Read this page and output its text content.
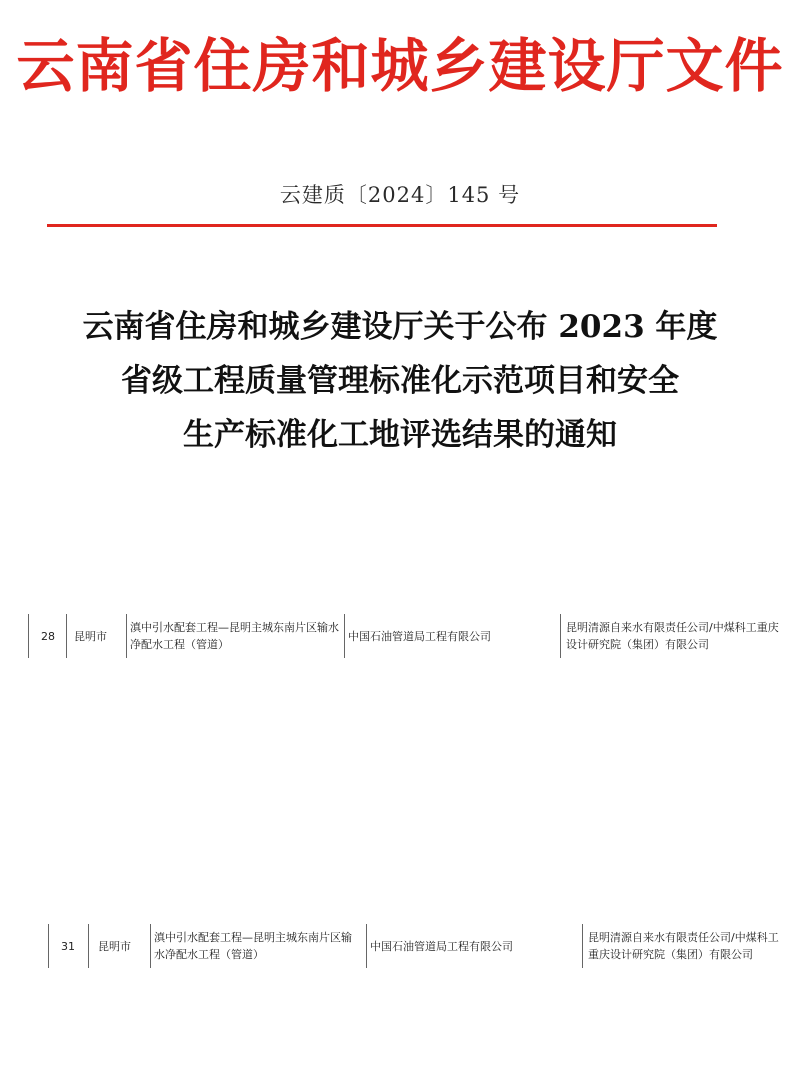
云南省住房和城乡建设厅文件
云建质〔2024〕145 号
云南省住房和城乡建设厅关于公布 2023 年度
省级工程质量管理标准化示范项目和安全
生产标准化工地评选结果的通知
28	昆明市
滇中引水配套工程—昆明主城东南片区输水净配水工程（管道）
中国石油管道局工程有限公司
昆明清源自来水有限责任公司/中煤科工重庆设计研究院（集团）有限公司
31	昆明市
滇中引水配套工程—昆明主城东南片区输水净配水工程（管道）
中国石油管道局工程有限公司
昆明清源自来水有限责任公司/中煤科工重庆设计研究院（集团）有限公司
